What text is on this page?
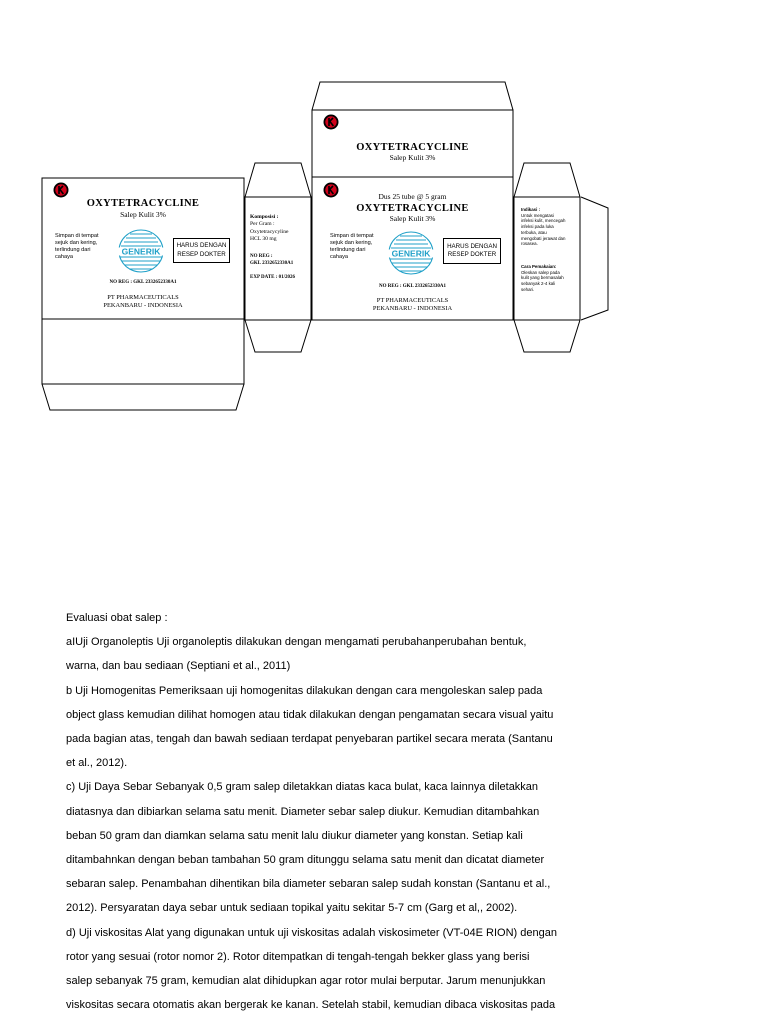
OXYTETRACYCLINE
Salep Kulit 3%
Simpan di tempat
sejuk dan kering,
terlindung dari
cahaya
GENERIK
HARUS DENGAN
RESEP DOKTER
NO REG : GKL 2332652330A1
PT PHARMACEUTICALS
PEKANBARU - INDONESIA
Komposisi :
Per Gram :
Oxytetracycyline
HCL 30 mg
NO REG :
GKL 2332652330A1
EXP DATE : 01/2026
OXYTETRACYCLINE
Salep Kulit 3%
Dus 25 tube @ 5 gram
OXYTETRACYCLINE
Salep Kulit 3%
Simpan di tempat
sejuk dan kering,
terlindung dari
cahaya	GENERIK
HARUS DENGAN
RESEP DOKTER
NO REG : GKL 2332652330A1
PT PHARMACEUTICALS
PEKANBARU - INDONESIA
Indikasi :
Untuk mengatasi
infeksi kulit, mencegah
infeksi pada luka
terbuka, atau
mengobati jerawat dan
rosasea.
Cara Pemakaian:
Oleskan salep pada
kulit yang bermasalah
sebanyak 2-4 kali
sehari.

Evaluasi obat salep :

aIUji Organoleptis Uji organoleptis dilakukan dengan mengamati perubahanperubahan bentuk,

warna, dan bau sediaan (Septiani et al., 2011)

b Uji Homogenitas Pemeriksaan uji homogenitas dilakukan dengan cara mengoleskan salep pada

object glass kemudian dilihat homogen atau tidak dilakukan dengan pengamatan secara visual yaitu

pada bagian atas, tengah dan bawah sediaan terdapat penyebaran partikel secara merata (Santanu

et al., 2012).

c) Uji Daya Sebar Sebanyak 0,5 gram salep diletakkan diatas kaca bulat, kaca lainnya diletakkan

diatasnya dan dibiarkan selama satu menit. Diameter sebar salep diukur. Kemudian ditambahkan

beban 50 gram dan diamkan selama satu menit lalu diukur diameter yang konstan. Setiap kali

ditambahnkan dengan beban tambahan 50 gram ditunggu selama satu menit dan dicatat diameter

sebaran salep. Penambahan dihentikan bila diameter sebaran salep sudah konstan (Santanu et al.,

2012). Persyaratan daya sebar untuk sediaan topikal yaitu sekitar 5-7 cm (Garg et al,, 2002).

d) Uji viskositas Alat yang digunakan untuk uji viskositas adalah viskosimeter (VT-04E RION) dengan

rotor yang sesuai (rotor nomor 2). Rotor ditempatkan di tengah-tengah bekker glass yang berisi

salep sebanyak 75 gram, kemudian alat dihidupkan agar rotor mulai berputar. Jarum menunjukkan

viskositas secara otomatis akan bergerak ke kanan. Setelah stabil, kemudian dibaca viskositas pada
